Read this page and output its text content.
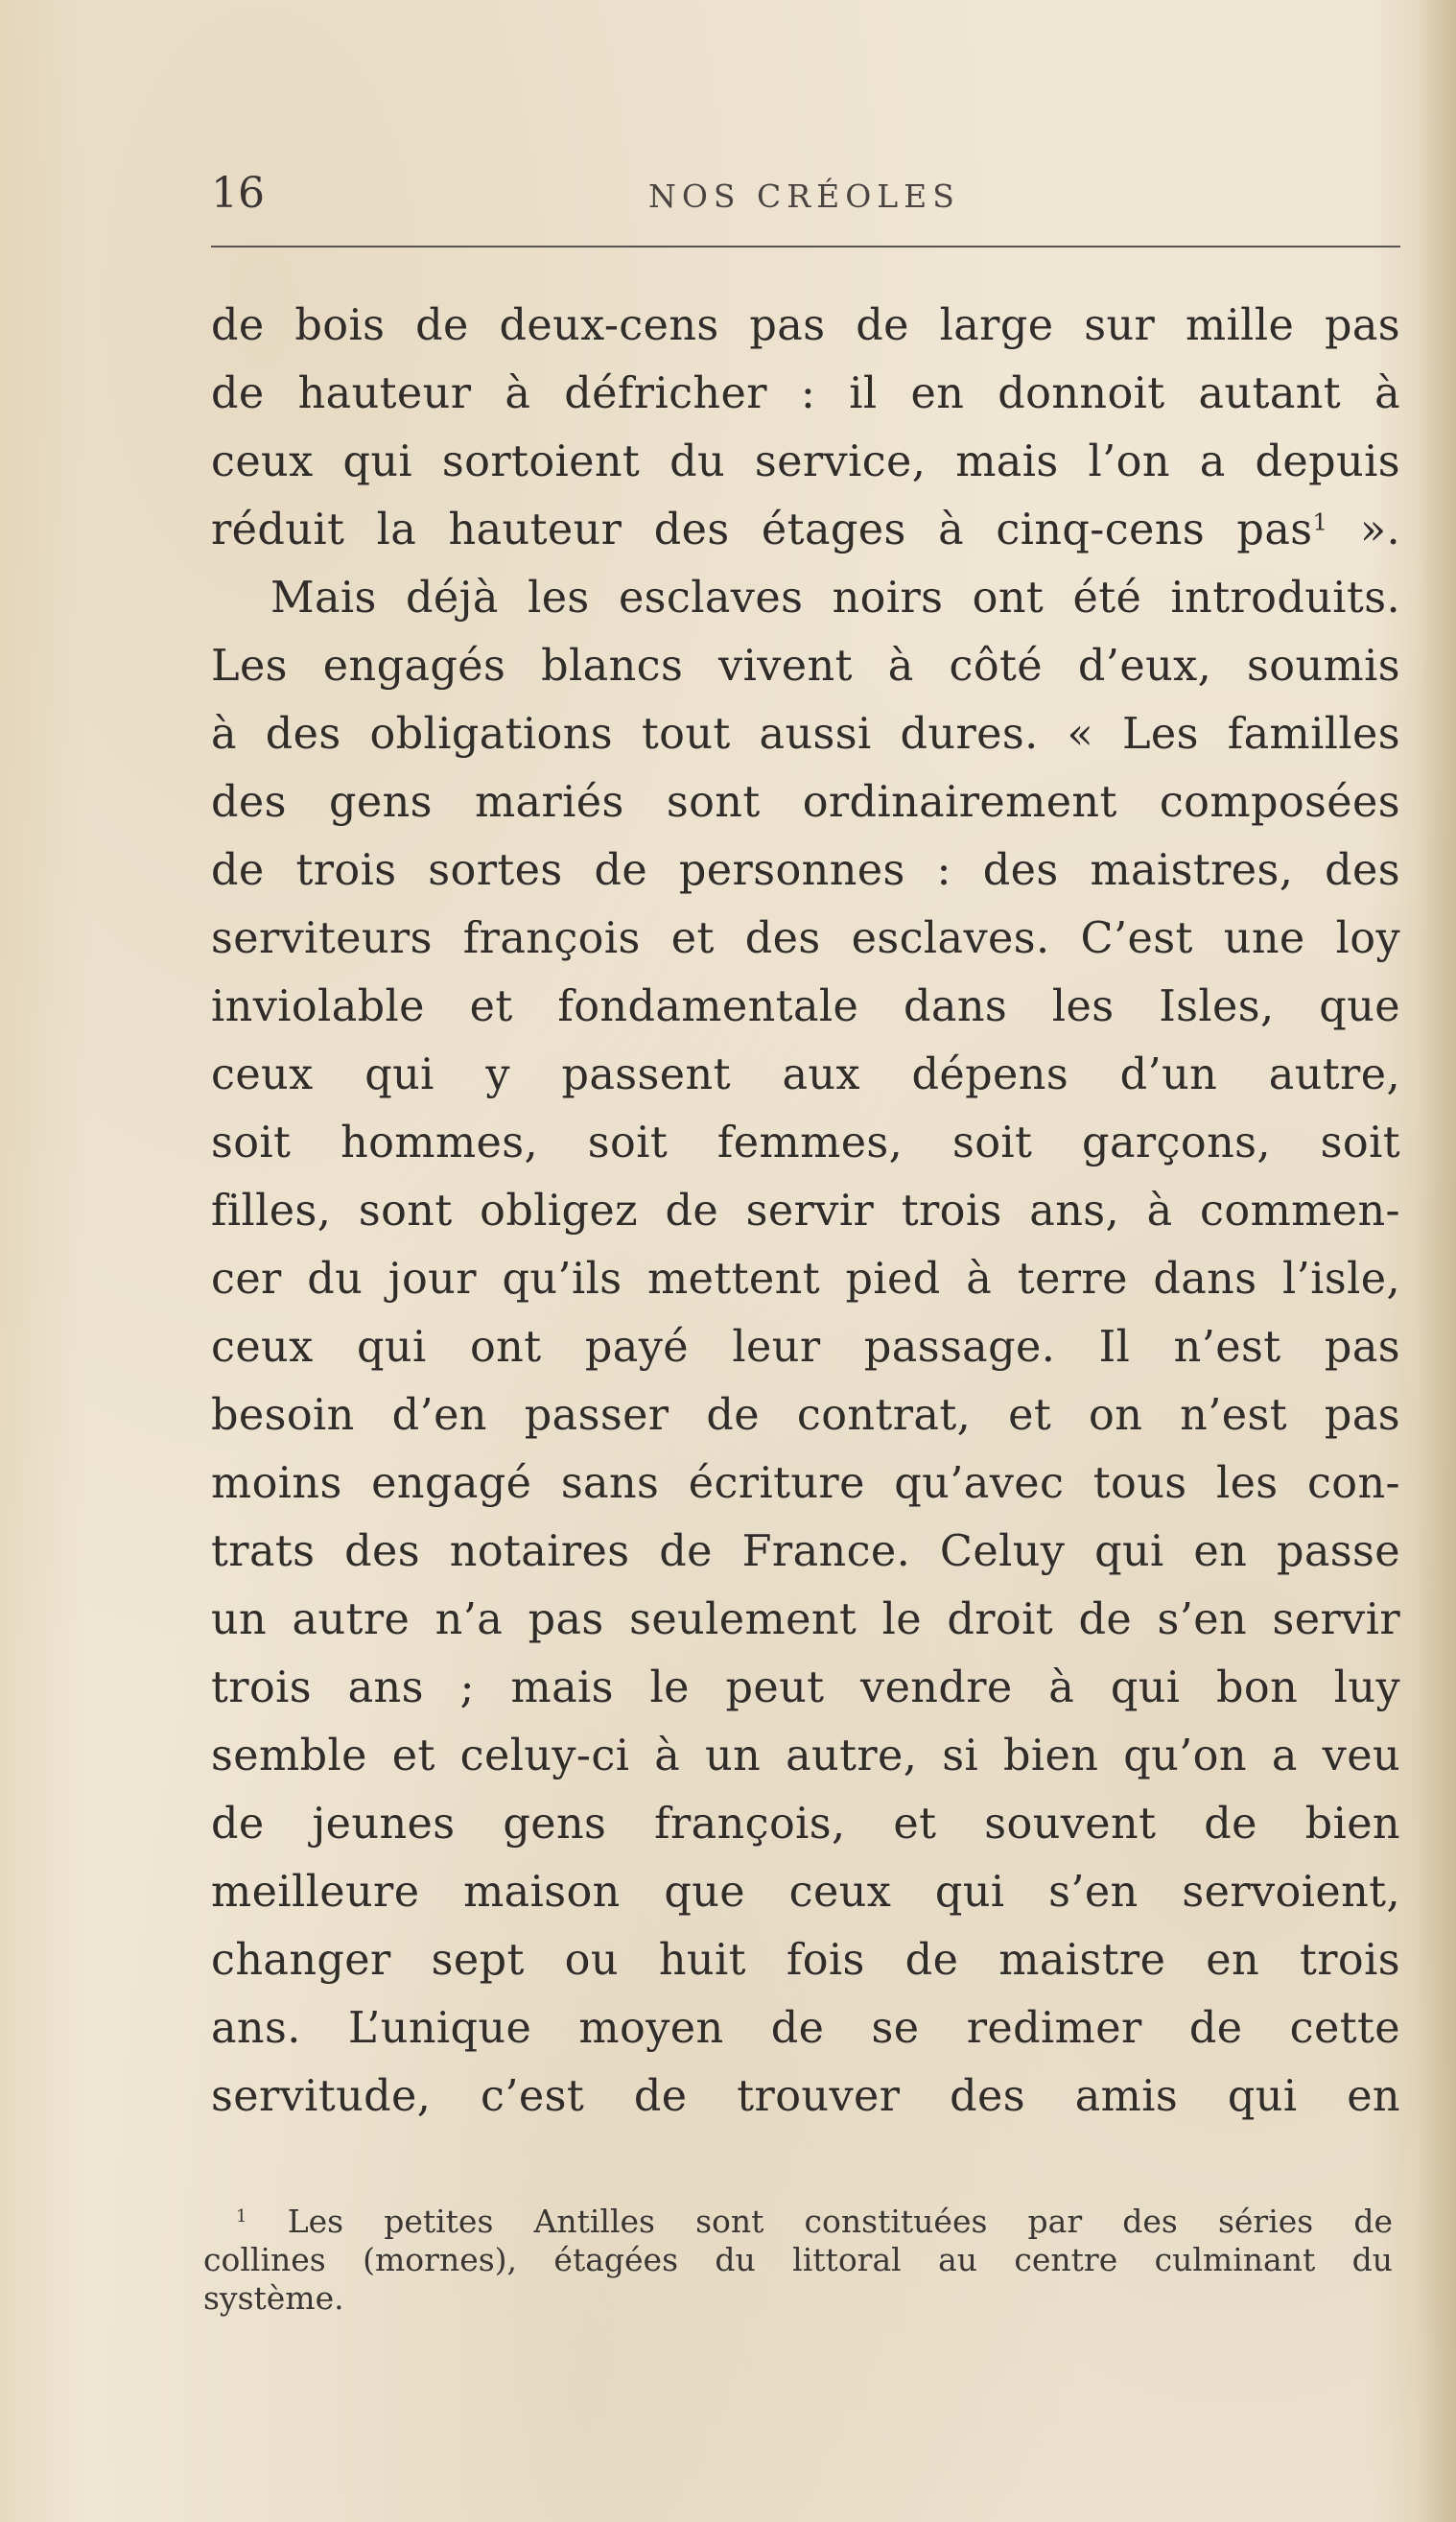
16	NOS CRÉOLES
de bois de deux-cens pas de large sur mille pas
de hauteur à défricher : il en donnoit autant à
ceux qui sortoient du service, mais l’on a depuis
réduit la hauteur des étages à cinq-cens pas$^1$ ».
Mais déjà les esclaves noirs ont été introduits.
Les engagés blancs vivent à côté d’eux, soumis
à des obligations tout aussi dures. « Les familles
des gens mariés sont ordinairement composées
de trois sortes de personnes : des maistres, des
serviteurs françois et des esclaves. C’est une loy
inviolable et fondamentale dans les Isles, que
ceux qui y passent aux dépens d’un autre,
soit hommes, soit femmes, soit garçons, soit
filles, sont obligez de servir trois ans, à commen-
cer du jour qu’ils mettent pied à terre dans l’isle,
ceux qui ont payé leur passage. Il n’est pas
besoin d’en passer de contrat, et on n’est pas
moins engagé sans écriture qu’avec tous les con-
trats des notaires de France. Celuy qui en passe
un autre n’a pas seulement le droit de s’en servir
trois ans ; mais le peut vendre à qui bon luy
semble et celuy-ci à un autre, si bien qu’on a veu
de jeunes gens françois, et souvent de bien
meilleure maison que ceux qui s’en servoient,
changer sept ou huit fois de maistre en trois
ans. L’unique moyen de se redimer de cette
servitude, c’est de trouver des amis qui en
$^1$ Les petites Antilles sont constituées par des séries de
collines (mornes), étagées du littoral au centre culminant du
système.
